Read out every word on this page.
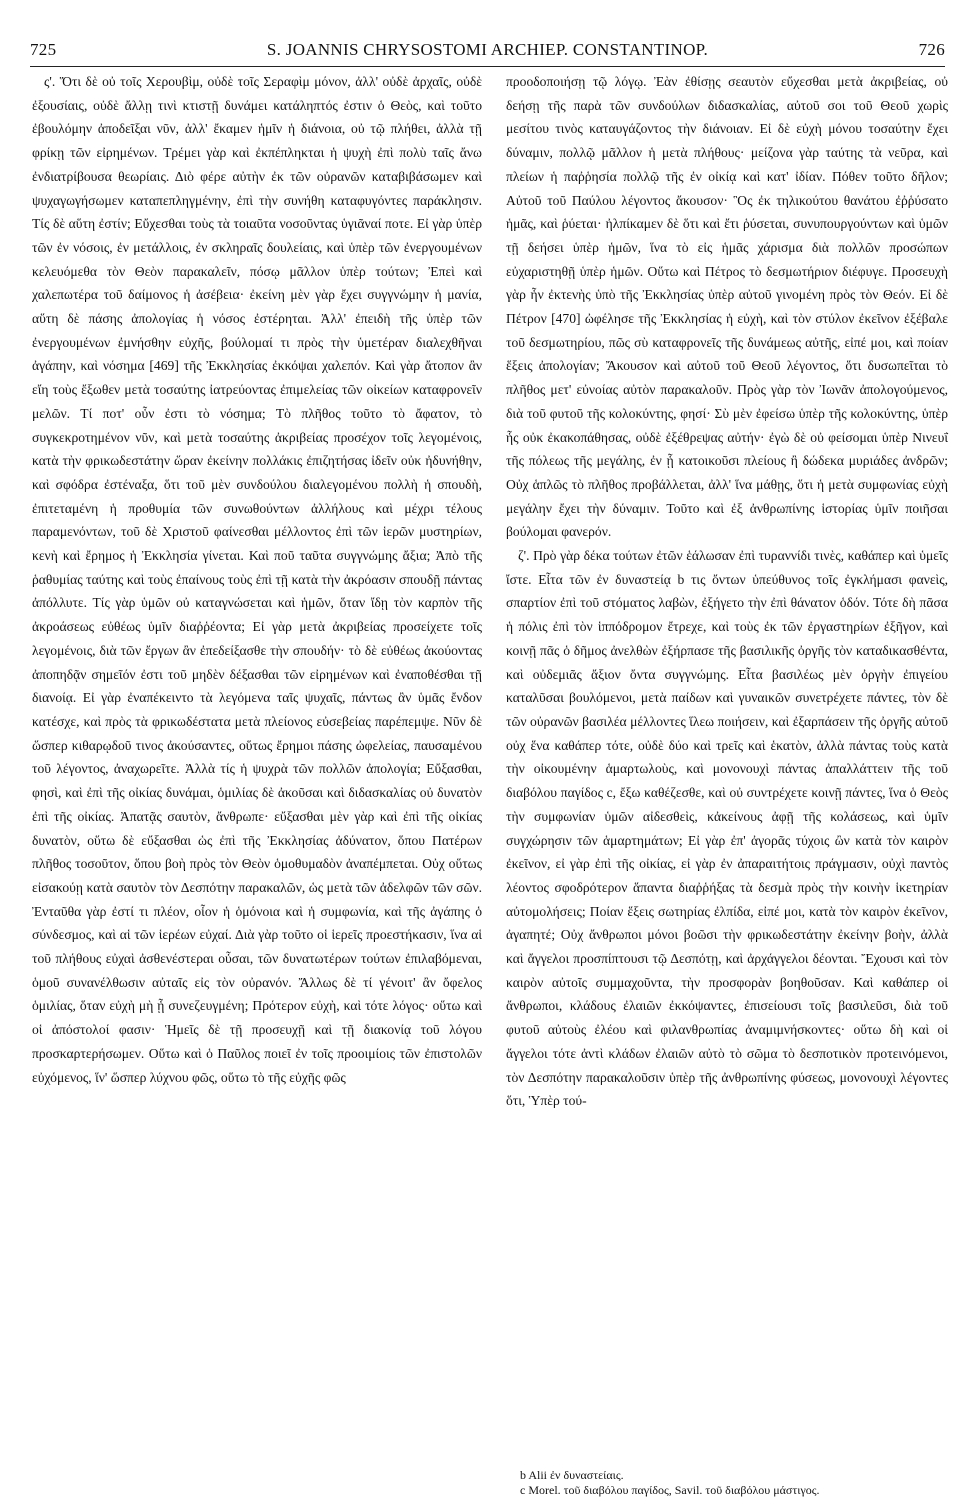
725	S. JOANNIS CHRYSOSTOMI ARCHIEP. CONSTANTINOP.	726

ς'. Ὅτι δὲ οὐ τοῖς Χερουβὶμ, οὐδὲ τοῖς Σεραφὶμ μόνον, ἀλλ' οὐδὲ ἀρχαῖς, οὐδὲ ἐξουσίαις, οὐδὲ ἄλλῃ τινὶ κτιστῇ δυνάμει κατάληπτός ἐστιν ὁ Θεὸς, καὶ τοῦτο ἐβουλόμην ἀποδεῖξαι νῦν, ἀλλ' ἔκαμεν ἡμῖν ἡ διάνοια, οὐ τῷ πλήθει, ἀλλὰ τῇ φρίκῃ τῶν εἰρημένων. Τρέμει γὰρ καὶ ἐκπέπληκται ἡ ψυχὴ ἐπὶ πολὺ ταῖς ἄνω ἐνδιατρίβουσα θεωρίαις. Διὸ φέρε αὐτὴν ἐκ τῶν οὐρανῶν καταβιβάσωμεν καὶ ψυχαγωγήσωμεν καταπεπληγμένην, ἐπὶ τὴν συνήθη καταφυγόντες παράκλησιν. Τίς δὲ αὕτη ἐστίν; Εὔχεσθαι τοὺς τὰ τοιαῦτα νοσοῦντας ὑγιᾶναί ποτε. Εἰ γὰρ ὑπὲρ τῶν ἐν νόσοις, ἐν μετάλλοις, ἐν σκληραῖς δουλείαις, καὶ ὑπὲρ τῶν ἐνεργουμένων κελευόμεθα τὸν Θεὸν παρακαλεῖν, πόσῳ μᾶλλον ὑπὲρ τούτων; Ἐπεὶ καὶ χαλεπωτέρα τοῦ δαίμονος ἡ ἀσέβεια· ἐκείνη μὲν γὰρ ἔχει συγγνώμην ἡ μανία, αὕτη δὲ πάσης ἀπολογίας ἡ νόσος ἐστέρηται. Ἀλλ' ἐπειδὴ τῆς ὑπὲρ τῶν ἐνεργουμένων ἐμνήσθην εὐχῆς, βούλομαί τι πρὸς τὴν ὑμετέραν διαλεχθῆναι ἀγάπην, καὶ νόσημα [469] τῆς Ἐκκλησίας ἐκκόψαι χαλεπόν. Καὶ γὰρ ἄτοπον ἂν εἴη τοὺς ἔξωθεν μετὰ τοσαύτης ἰατρεύοντας ἐπιμελείας τῶν οἰκείων καταφρονεῖν μελῶν. Τί ποτ' οὖν ἐστι τὸ νόσημα; Τὸ πλῆθος τοῦτο τὸ ἄφατον, τὸ συγκεκροτημένον νῦν, καὶ μετὰ τοσαύτης ἀκριβείας προσέχον τοῖς λεγομένοις, κατὰ τὴν φρικωδεστάτην ὥραν ἐκείνην πολλάκις ἐπιζητήσας ἰδεῖν οὐκ ἠδυνήθην, καὶ σφόδρα ἐστέναξα, ὅτι τοῦ μὲν συνδούλου διαλεγομένου πολλὴ ἡ σπουδὴ, ἐπιτεταμένη ἡ προθυμία τῶν συνωθούντων ἀλλήλους καὶ μέχρι τέλους παραμενόντων, τοῦ δὲ Χριστοῦ φαίνεσθαι μέλλοντος ἐπὶ τῶν ἱερῶν μυστηρίων, κενὴ καὶ ἔρημος ἡ Ἐκκλησία γίνεται. Καὶ ποῦ ταῦτα συγγνώμης ἄξια; Ἀπὸ τῆς ῥαθυμίας ταύτης καὶ τοὺς ἐπαίνους τοὺς ἐπὶ τῇ κατὰ τὴν ἀκρόασιν σπουδῇ πάντας ἀπόλλυτε. Τίς γὰρ ὑμῶν οὐ καταγνώσεται καὶ ἡμῶν, ὅταν ἴδῃ τὸν καρπὸν τῆς ἀκροάσεως εὐθέως ὑμῖν διαῤῥέοντα; Εἰ γὰρ μετὰ ἀκριβείας προσείχετε τοῖς λεγομένοις, διὰ τῶν ἔργων ἂν ἐπεδείξασθε τὴν σπουδήν· τὸ δὲ εὐθέως ἀκούοντας ἀποπηδᾷν σημεῖόν ἐστι τοῦ μηδὲν δέξασθαι τῶν εἰρημένων καὶ ἐναποθέσθαι τῇ διανοίᾳ. Εἰ γὰρ ἐναπέκειντο τὰ λεγόμενα ταῖς ψυχαῖς, πάντως ἂν ὑμᾶς ἔνδον κατέσχε, καὶ πρὸς τὰ φρικωδέστατα μετὰ πλείονος εὐσεβείας παρέπεμψε. Νῦν δὲ ὥσπερ κιθαρῳδοῦ τινος ἀκούσαντες, οὕτως ἔρημοι πάσης ὠφελείας, παυσαμένου τοῦ λέγοντος, ἀναχωρεῖτε. Ἀλλὰ τίς ἡ ψυχρὰ τῶν πολλῶν ἀπολογία; Εὔξασθαι, φησὶ, καὶ ἐπὶ τῆς οἰκίας δυνάμαι, ὁμιλίας δὲ ἀκοῦσαι καὶ διδασκαλίας οὐ δυνατὸν ἐπὶ τῆς οἰκίας. Ἀπατᾷς σαυτὸν, ἄνθρωπε· εὔξασθαι μὲν γὰρ καὶ ἐπὶ τῆς οἰκίας δυνατὸν, οὕτω δὲ εὔξασθαι ὡς ἐπὶ τῆς Ἐκκλησίας ἀδύνατον, ὅπου Πατέρων πλῆθος τοσοῦτον, ὅπου βοὴ πρὸς τὸν Θεὸν ὁμοθυμαδὸν ἀναπέμπεται. Οὐχ οὕτως εἰσακούῃ κατὰ σαυτὸν τὸν Δεσπότην παρακαλῶν, ὡς μετὰ τῶν ἀδελφῶν τῶν σῶν. Ἐνταῦθα γὰρ ἐστί τι πλέον, οἷον ἡ ὁμόνοια καὶ ἡ συμφωνία, καὶ τῆς ἀγάπης ὁ σύνδεσμος, καὶ αἱ τῶν ἱερέων εὐχαί. Διὰ γὰρ τοῦτο οἱ ἱερεῖς προεστήκασιν, ἵνα αἱ τοῦ πλήθους εὐχαὶ ἀσθενέστεραι οὖσαι, τῶν δυνατωτέρων τούτων ἐπιλαβόμεναι, ὁμοῦ συνανέλθωσιν αὐταῖς εἰς τὸν οὐρανόν. Ἄλλως δὲ τί γένοιτ' ἂν ὄφελος ὁμιλίας, ὅταν εὐχὴ μὴ ᾖ συνεζευγμένη; Πρότερον εὐχὴ, καὶ τότε λόγος· οὕτω καὶ οἱ ἀπόστολοί φασιν· Ἡμεῖς δὲ τῇ προσευχῇ καὶ τῇ διακονίᾳ τοῦ λόγου προσκαρτερήσωμεν. Οὕτω καὶ ὁ Παῦλος ποιεῖ ἐν τοῖς προοιμίοις τῶν ἐπιστολῶν εὐχόμενος, ἵν' ὥσπερ λύχνου φῶς, οὕτω τὸ τῆς εὐχῆς φῶς

προοδοποιήσῃ τῷ λόγῳ. Ἐὰν ἐθίσῃς σεαυτὸν εὔχεσθαι μετὰ ἀκριβείας, οὐ δεήσῃ τῆς παρὰ τῶν συνδούλων διδασκαλίας, αὐτοῦ σοι τοῦ Θεοῦ χωρὶς μεσίτου τινὸς καταυγάζοντος τὴν διάνοιαν. Εἰ δὲ εὐχὴ μόνου τοσαύτην ἔχει δύναμιν, πολλῷ μᾶλλον ἡ μετὰ πλήθους· μείζονα γὰρ ταύτης τὰ νεῦρα, καὶ πλείων ἡ παῤῥησία πολλῷ τῆς ἐν οἰκίᾳ καὶ κατ' ἰδίαν. Πόθεν τοῦτο δῆλον; Αὐτοῦ τοῦ Παύλου λέγοντος ἄκουσον· Ὃς ἐκ τηλικούτου θανάτου ἐῤῥύσατο ἡμᾶς, καὶ ῥύεται· ἠλπίκαμεν δὲ ὅτι καὶ ἔτι ῥύσεται, συνυπουργούντων καὶ ὑμῶν τῇ δεήσει ὑπὲρ ἡμῶν, ἵνα τὸ εἰς ἡμᾶς χάρισμα διὰ πολλῶν προσώπων εὐχαριστηθῇ ὑπὲρ ἡμῶν. Οὕτω καὶ Πέτρος τὸ δεσμωτήριον διέφυγε. Προσευχὴ γὰρ ἦν ἐκτενὴς ὑπὸ τῆς Ἐκκλησίας ὑπὲρ αὐτοῦ γινομένη πρὸς τὸν Θεόν. Εἰ δὲ Πέτρον [470] ὠφέλησε τῆς Ἐκκλησίας ἡ εὐχὴ, καὶ τὸν στύλον ἐκεῖνον ἐξέβαλε τοῦ δεσμωτηρίου, πῶς σὺ καταφρονεῖς τῆς δυνάμεως αὐτῆς, εἰπέ μοι, καὶ ποίαν ἕξεις ἀπολογίαν; Ἄκουσον καὶ αὐτοῦ τοῦ Θεοῦ λέγοντος, ὅτι δυσωπεῖται τὸ πλῆθος μετ' εὐνοίας αὐτὸν παρακαλοῦν. Πρὸς γὰρ τὸν Ἰωνᾶν ἀπολογούμενος, διὰ τοῦ φυτοῦ τῆς κολοκύντης, φησί· Σὺ μὲν ἐφείσω ὑπὲρ τῆς κολοκύντης, ὑπὲρ ἧς οὐκ ἐκακοπάθησας, οὐδὲ ἐξέθρεψας αὐτήν· ἐγὼ δὲ οὐ φείσομαι ὑπὲρ Νινευΐ τῆς πόλεως τῆς μεγάλης, ἐν ᾗ κατοικοῦσι πλείους ἢ δώδεκα μυριάδες ἀνδρῶν; Οὐχ ἁπλῶς τὸ πλῆθος προβάλλεται, ἀλλ' ἵνα μάθῃς, ὅτι ἡ μετὰ συμφωνίας εὐχὴ μεγάλην ἔχει τὴν δύναμιν. Τοῦτο καὶ ἐξ ἀνθρωπίνης ἱστορίας ὑμῖν ποιῆσαι βούλομαι φανερόν.

ζ'. Πρὸ γὰρ δέκα τούτων ἐτῶν ἑάλωσαν ἐπὶ τυραννίδι τινὲς, καθάπερ καὶ ὑμεῖς ἴστε. Εἶτα τῶν ἐν δυναστείᾳ b τις ὄντων ὑπεύθυνος τοῖς ἐγκλήμασι φανεὶς, σπαρτίον ἐπὶ τοῦ στόματος λαβὼν, ἐξήγετο τὴν ἐπὶ θάνατον ὁδόν. Τότε δὴ πᾶσα ἡ πόλις ἐπὶ τὸν ἱππόδρομον ἔτρεχε, καὶ τοὺς ἐκ τῶν ἐργαστηρίων ἐξῆγον, καὶ κοινῇ πᾶς ὁ δῆμος ἀνελθὼν ἐξήρπασε τῆς βασιλικῆς ὀργῆς τὸν καταδικασθέντα, καὶ οὐδεμιᾶς ἄξιον ὄντα συγγνώμης. Εἶτα βασιλέως μὲν ὀργὴν ἐπιγείου καταλῦσαι βουλόμενοι, μετὰ παίδων καὶ γυναικῶν συνετρέχετε πάντες, τὸν δὲ τῶν οὐρανῶν βασιλέα μέλλοντες ἵλεω ποιήσειν, καὶ ἐξαρπάσειν τῆς ὀργῆς αὐτοῦ οὐχ ἕνα καθάπερ τότε, οὐδὲ δύο καὶ τρεῖς καὶ ἑκατὸν, ἀλλὰ πάντας τοὺς κατὰ τὴν οἰκουμένην ἁμαρτωλοὺς, καὶ μονονουχὶ πάντας ἀπαλλάττειν τῆς τοῦ διαβόλου παγίδος c, ἔξω καθέζεσθε, καὶ οὐ συντρέχετε κοινῇ πάντες, ἵνα ὁ Θεὸς τὴν συμφωνίαν ὑμῶν αἰδεσθεὶς, κἀκείνους ἀφῇ τῆς κολάσεως, καὶ ὑμῖν συγχώρησιν τῶν ἁμαρτημάτων; Εἰ γὰρ ἐπ' ἀγορᾶς τύχοις ὢν κατὰ τὸν καιρὸν ἐκεῖνον, εἰ γὰρ ἐπὶ τῆς οἰκίας, εἰ γὰρ ἐν ἀπαραιτήτοις πράγμασιν, οὐχὶ παντὸς λέοντος σφοδρότερον ἅπαντα διαῤῥήξας τὰ δεσμὰ πρὸς τὴν κοινὴν ἱκετηρίαν αὐτομολήσεις; Ποίαν ἕξεις σωτηρίας ἐλπίδα, εἰπέ μοι, κατὰ τὸν καιρὸν ἐκεῖνον, ἀγαπητέ; Οὐχ ἄνθρωποι μόνοι βοῶσι τὴν φρικωδεστάτην ἐκείνην βοὴν, ἀλλὰ καὶ ἄγγελοι προσπίπτουσι τῷ Δεσπότῃ, καὶ ἀρχάγγελοι δέονται. Ἔχουσι καὶ τὸν καιρὸν αὐτοῖς συμμαχοῦντα, τὴν προσφορὰν βοηθοῦσαν. Καὶ καθάπερ οἱ ἄνθρωποι, κλάδους ἐλαιῶν ἐκκόψαντες, ἐπισείουσι τοῖς βασιλεῦσι, διὰ τοῦ φυτοῦ αὐτοὺς ἐλέου καὶ φιλανθρωπίας ἀναμιμνήσκοντες· οὕτω δὴ καὶ οἱ ἄγγελοι τότε ἀντὶ κλάδων ἐλαιῶν αὐτὸ τὸ σῶμα τὸ δεσποτικὸν προτεινόμενοι, τὸν Δεσπότην παρακαλοῦσιν ὑπὲρ τῆς ἀνθρωπίνης φύσεως, μονονουχὶ λέγοντες ὅτι, Ὑπὲρ τού-

b Alii ἐν δυναστείαις.
c Morel. τοῦ διαβόλου παγίδος, Savil. τοῦ διαβόλου μάστιγος.
